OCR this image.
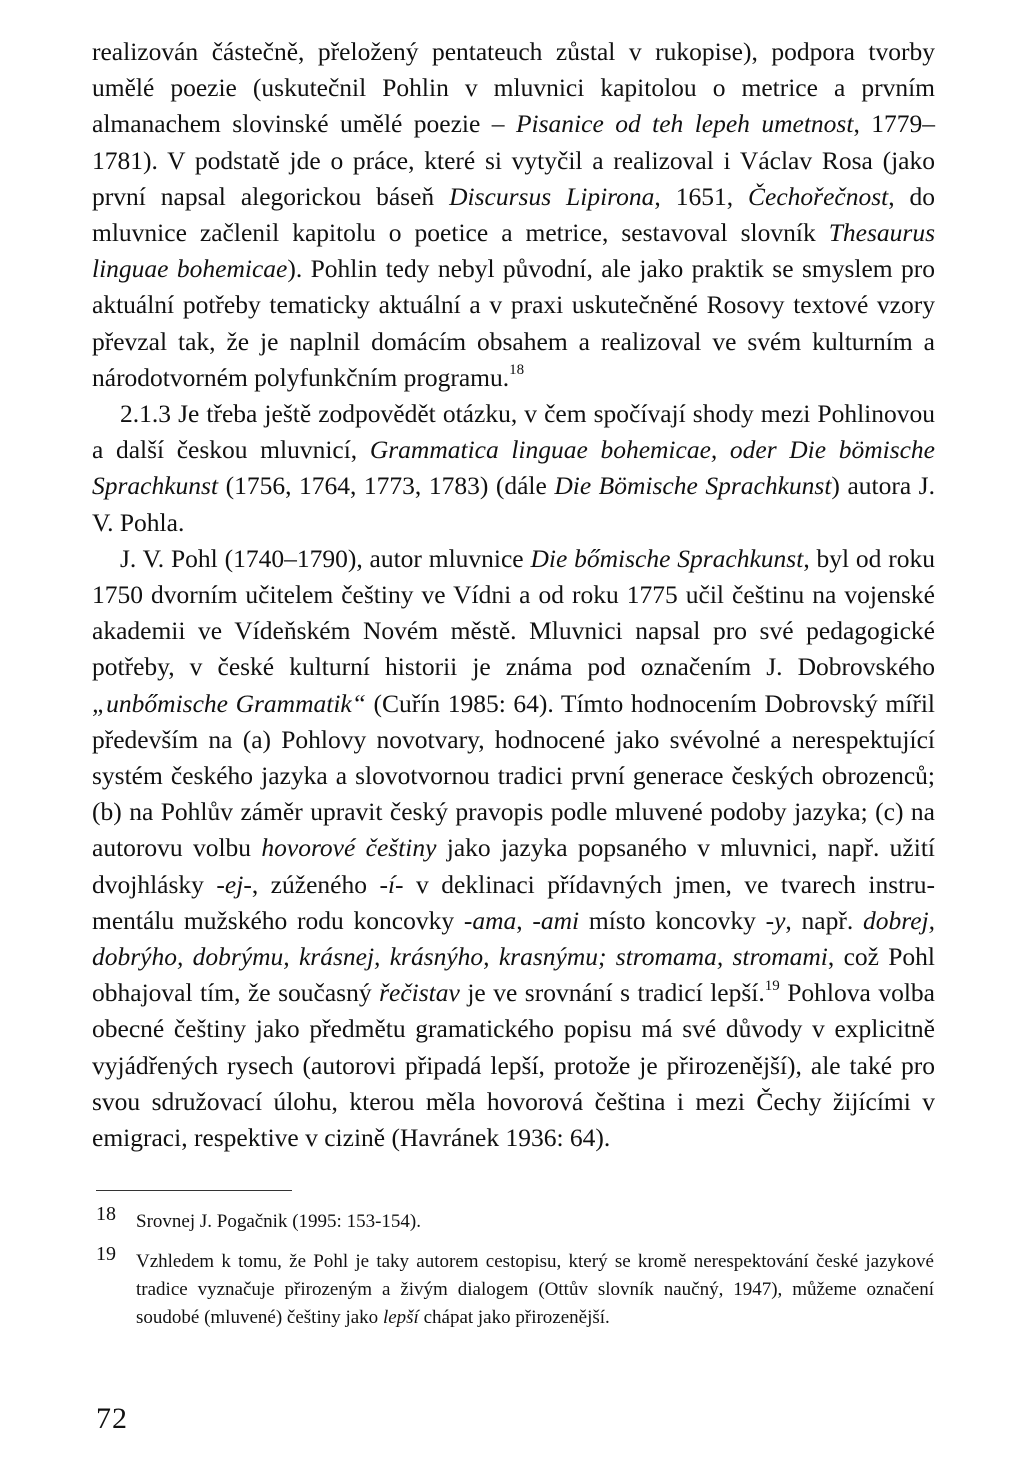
realizován částečně, přeložený pentateuch zůstal v rukopise), podpora tvorby umělé poezie (uskutečnil Pohlin v mluvnici kapitolou o metrice a prvním almanachem slovinské umělé poezie – Pisanice od teh lepeh umetnost, 1779–1781). V podstatě jde o práce, které si vytyčil a realizoval i Václav Rosa (jako první napsal alegorickou báseň Discursus Lipirona, 1651, Čechořečnost, do mluvnice začlenil kapitolu o poetice a metrice, sestavoval slovník Thesaurus linguae bohemicae). Pohlin tedy nebyl původní, ale jako praktik se smyslem pro aktuální potřeby tematicky aktuální a v praxi uskutečněné Rosovy textové vzory převzal tak, že je naplnil domácím obsahem a realizoval ve svém kulturním a národotvorném polyfunkčním programu.$^{18}$

2.1.3 Je třeba ještě zodpovědět otázku, v čem spočívají shody mezi Pohlinovou a další českou mluvnicí, Grammatica linguae bohemicae, oder Die bömische Sprachkunst (1756, 1764, 1773, 1783) (dále Die Bömische Sprachkunst) autora J. V. Pohla.

J. V. Pohl (1740–1790), autor mluvnice Die bőmische Sprachkunst, byl od roku 1750 dvorním učitelem češtiny ve Vídni a od roku 1775 učil češtinu na vojenské akademii ve Vídeňském Novém městě. Mluvnici napsal pro své pedagogické potřeby, v české kulturní historii je známa pod označením J. Dobrovského „unbőmische Grammatik“ (Cuřín 1985: 64). Tímto hodnocením Dobrovský mířil především na (a) Pohlovy novotvary, hodnocené jako svévolné a nerespektující systém českého jazyka a slovotvornou tradici první generace českých obrozenců; (b) na Pohlův záměr upravit český pravopis podle mluvené podoby jazyka; (c) na autorovu volbu hovorové češtiny jako jazyka popsaného v mluvnici, např. užití dvojhlásky -ej-, zúženého -í- v deklinaci přídavných jmen, ve tvarech instrumentálu mužského rodu koncovky -ama, -ami místo koncovky -y, např. dobrej, dobrýho, dobrýmu, krásnej, krásnýho, krasnýmu; stromama, stromami, což Pohl obhajoval tím, že současný řečistav je ve srovnání s tradicí lepší.$^{19}$ Pohlova volba obecné češtiny jako předmětu gramatického popisu má své důvody v explicitně vyjádřených rysech (autorovi připadá lepší, protože je přirozenější), ale také pro svou sdružovací úlohu, kterou měla hovorová čeština i mezi Čechy žijícími v emigraci, respektive v cizině (Havránek 1936: 64).

18 Srovnej J. Pogačnik (1995: 153-154).
19 Vzhledem k tomu, že Pohl je taky autorem cestopisu, který se kromě nerespektování české jazykové tradice vyznačuje přirozeným a živým dialogem (Ottův slovník naučný, 1947), můžeme označení soudobé (mluvené) češtiny jako lepší chápat jako přirozenější.
72
